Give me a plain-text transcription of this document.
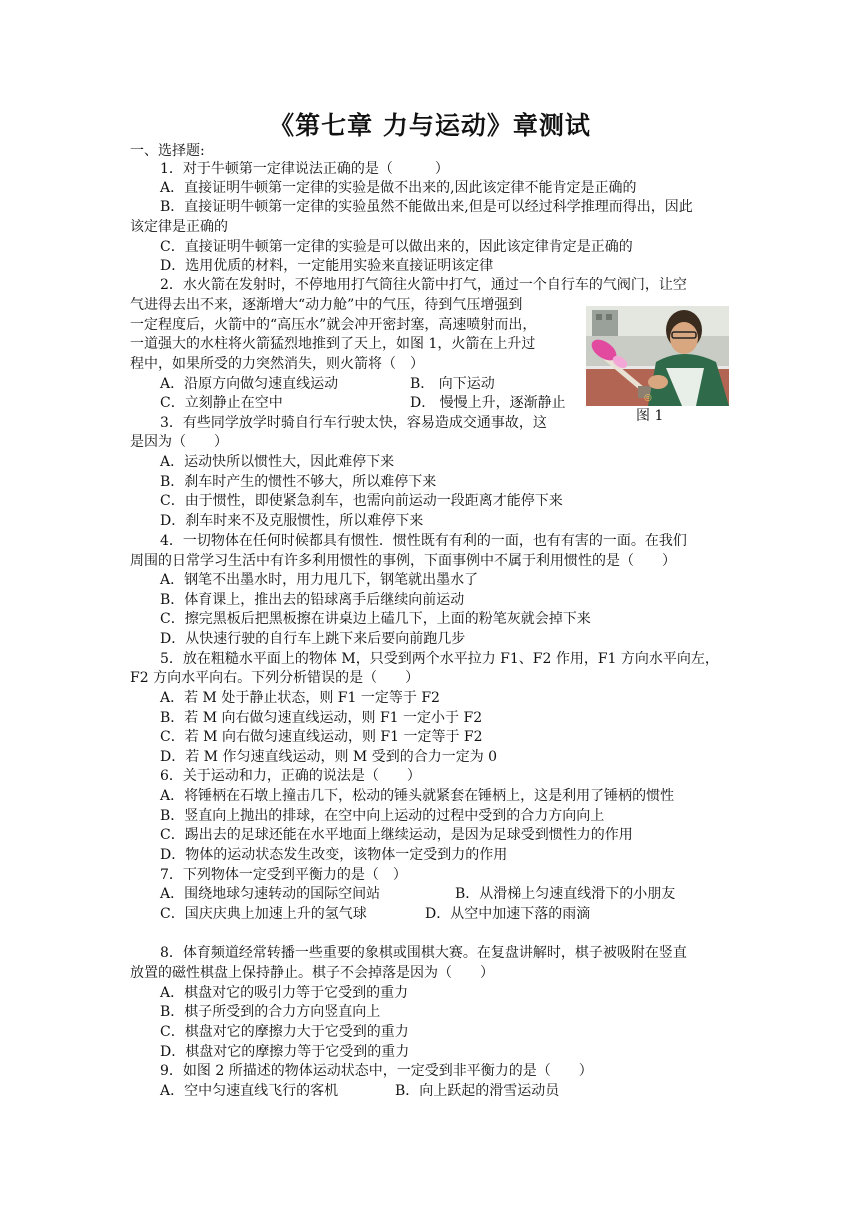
《第七章 力与运动》章测试
一、选择题:
1．对于牛顿第一定律说法正确的是（　　　）
A．直接证明牛顿第一定律的实验是做不出来的,因此该定律不能肯定是正确的
B．直接证明牛顿第一定律的实验虽然不能做出来,但是可以经过科学推理而得出，因此
该定律是正确的
C．直接证明牛顿第一定律的实验是可以做出来的，因此该定律肯定是正确的
D．选用优质的材料，一定能用实验来直接证明该定律
2．水火箭在发射时，不停地用打气筒往火箭中打气，通过一个自行车的气阀门，让空
气进得去出不来，逐渐增大“动力舱”中的气压，待到气压增强到
一定程度后，火箭中的“高压水”就会冲开密封塞，高速喷射而出，
一道强大的水柱将火箭猛烈地推到了天上，如图 1，火箭在上升过
程中，如果所受的力突然消失，则火箭将（　）
A．沿原方向做匀速直线运动	B． 向下运动
C．立刻静止在空中	D． 慢慢上升，逐渐静止	◎
图 1
3．有些同学放学时骑自行车行驶太快，容易造成交通事故，这
是因为（　　）
A．运动快所以惯性大，因此难停下来
B．刹车时产生的惯性不够大，所以难停下来
C．由于惯性，即使紧急刹车，也需向前运动一段距离才能停下来
D．刹车时来不及克服惯性，所以难停下来
4．一切物体在任何时候都具有惯性．惯性既有有利的一面，也有有害的一面。在我们
周围的日常学习生活中有许多利用惯性的事例，下面事例中不属于利用惯性的是（　　）
A．钢笔不出墨水时，用力甩几下，钢笔就出墨水了
B．体育课上，推出去的铅球离手后继续向前运动
C．擦完黑板后把黑板擦在讲桌边上磕几下，上面的粉笔灰就会掉下来
D．从快速行驶的自行车上跳下来后要向前跑几步
5．放在粗糙水平面上的物体 M，只受到两个水平拉力 F1、F2 作用，F1 方向水平向左，
F2 方向水平向右。下列分析错误的是（　　）
A．若 M 处于静止状态，则 F1 一定等于 F2
B．若 M 向右做匀速直线运动，则 F1 一定小于 F2
C．若 M 向右做匀速直线运动，则 F1 一定等于 F2
D．若 M 作匀速直线运动，则 M 受到的合力一定为 0
6．关于运动和力，正确的说法是（　　）
A．将锤柄在石墩上撞击几下，松动的锤头就紧套在锤柄上，这是利用了锤柄的惯性
B．竖直向上抛出的排球，在空中向上运动的过程中受到的合力方向向上
C．踢出去的足球还能在水平地面上继续运动，是因为足球受到惯性力的作用
D．物体的运动状态发生改变，该物体一定受到力的作用
7．下列物体一定受到平衡力的是（　）
A．围绕地球匀速转动的国际空间站	B．从滑梯上匀速直线滑下的小朋友
C．国庆庆典上加速上升的氢气球	D．从空中加速下落的雨滴
8．体育频道经常转播一些重要的象棋或围棋大赛。在复盘讲解时，棋子被吸附在竖直
放置的磁性棋盘上保持静止。棋子不会掉落是因为（　　）
A．棋盘对它的吸引力等于它受到的重力
B．棋子所受到的合力方向竖直向上
C．棋盘对它的摩擦力大于它受到的重力
D．棋盘对它的摩擦力等于它受到的重力
9．如图 2 所描述的物体运动状态中，一定受到非平衡力的是（　　）
A．空中匀速直线飞行的客机	B．向上跃起的滑雪运动员
